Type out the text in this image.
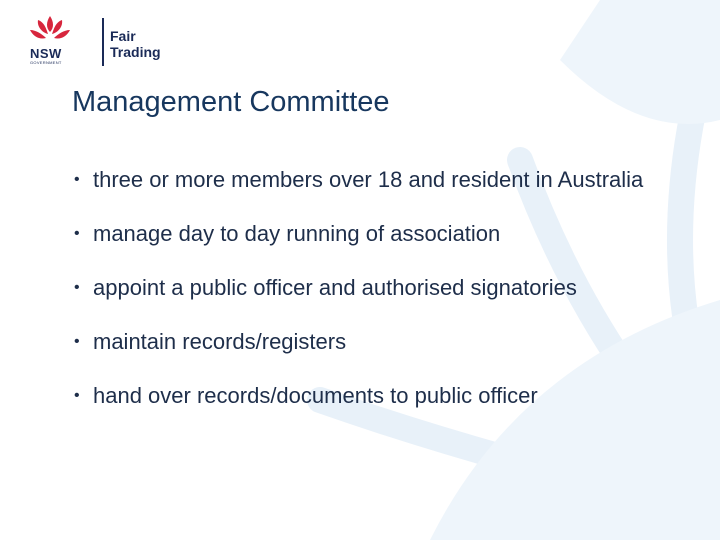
NSW
GOVERNMENT
Fair
Trading
Management Committee
• three or more members over 18 and resident in Australia
• manage day to day running of association
• appoint a public officer and authorised signatories
• maintain records/registers
• hand over records/documents to public officer
